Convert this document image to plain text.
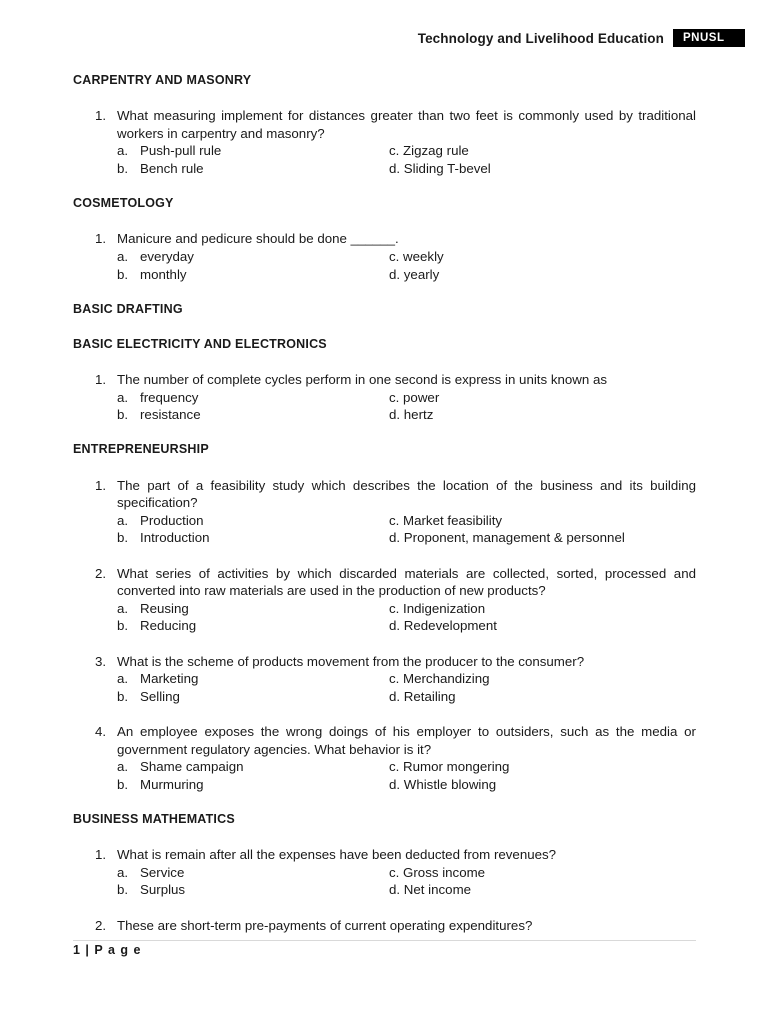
Technology and Livelihood Education	PNUSL
CARPENTRY AND MASONRY
1. What measuring implement for distances greater than two feet is commonly used by traditional workers in carpentry and masonry?
a. Push-pull rule	c. Zigzag rule
b. Bench rule	d. Sliding T-bevel
COSMETOLOGY
1. Manicure and pedicure should be done ______.
a. everyday	c. weekly
b. monthly	d. yearly
BASIC DRAFTING
BASIC ELECTRICITY AND ELECTRONICS
1. The number of complete cycles perform in one second is express in units known as
a. frequency	c. power
b. resistance	d. hertz
ENTREPRENEURSHIP
1. The part of a feasibility study which describes the location of the business and its building specification?
a. Production	c. Market feasibility
b. Introduction	d. Proponent, management & personnel
2. What series of activities by which discarded materials are collected, sorted, processed and converted into raw materials are used in the production of new products?
a. Reusing	c. Indigenization
b. Reducing	d. Redevelopment
3. What is the scheme of products movement from the producer to the consumer?
a. Marketing	c. Merchandizing
b. Selling	d. Retailing
4. An employee exposes the wrong doings of his employer to outsiders, such as the media or government regulatory agencies. What behavior is it?
a. Shame campaign	c. Rumor mongering
b. Murmuring	d. Whistle blowing
BUSINESS MATHEMATICS
1. What is remain after all the expenses have been deducted from revenues?
a. Service	c. Gross income
b. Surplus	d. Net income
2. These are short-term pre-payments of current operating expenditures?
1 | P a g e
